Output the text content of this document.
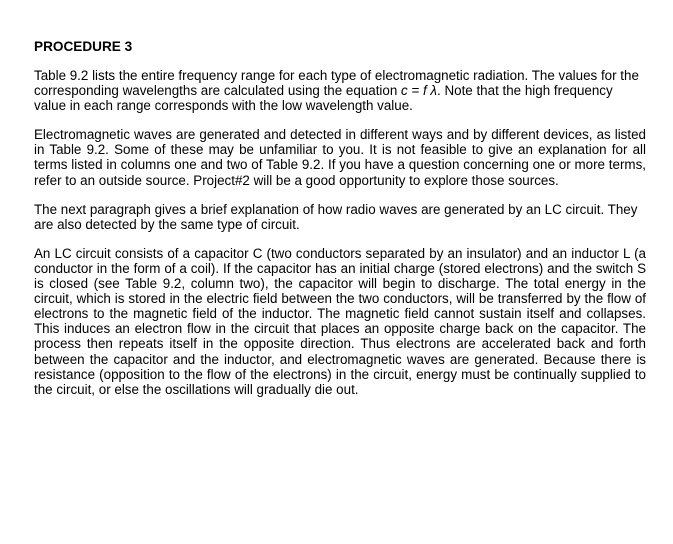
PROCEDURE 3

Table 9.2 lists the entire frequency range for each type of electromagnetic radiation. The values for the corresponding wavelengths are calculated using the equation c = f λ. Note that the high frequency value in each range corresponds with the low wavelength value.

Electromagnetic waves are generated and detected in different ways and by different devices, as listed in Table 9.2. Some of these may be unfamiliar to you. It is not feasible to give an explanation for all terms listed in columns one and two of Table 9.2. If you have a question concerning one or more terms, refer to an outside source. Project#2 will be a good opportunity to explore those sources.

The next paragraph gives a brief explanation of how radio waves are generated by an LC circuit. They are also detected by the same type of circuit.

An LC circuit consists of a capacitor C (two conductors separated by an insulator) and an inductor L (a conductor in the form of a coil). If the capacitor has an initial charge (stored electrons) and the switch S is closed (see Table 9.2, column two), the capacitor will begin to discharge. The total energy in the circuit, which is stored in the electric field between the two conductors, will be transferred by the flow of electrons to the magnetic field of the inductor. The magnetic field cannot sustain itself and collapses. This induces an electron flow in the circuit that places an opposite charge back on the capacitor. The process then repeats itself in the opposite direction. Thus electrons are accelerated back and forth between the capacitor and the inductor, and electromagnetic waves are generated. Because there is resistance (opposition to the flow of the electrons) in the circuit, energy must be continually supplied to the circuit, or else the oscillations will gradually die out.
